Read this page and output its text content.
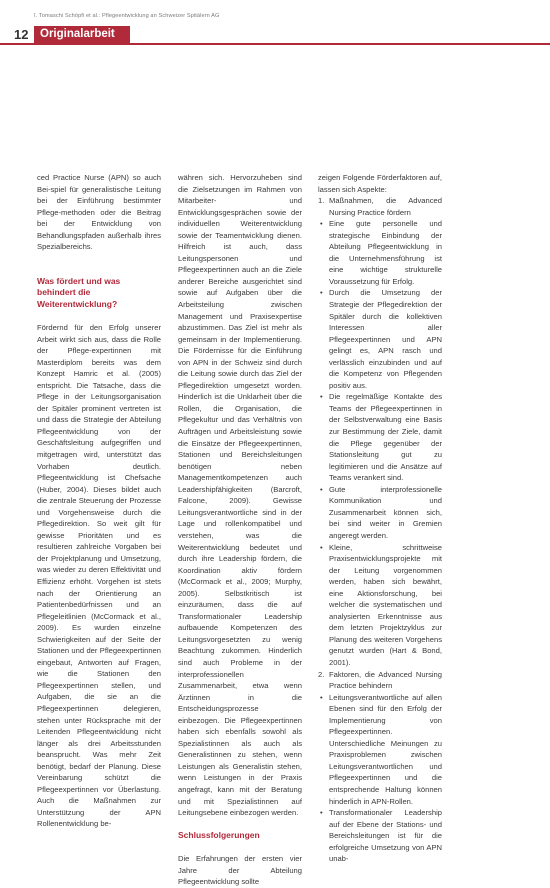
I. Tomaschi Schöpfi et al.: Pflegeentwicklung an Schweizer Spitälern AG
12	Originalarbeit

ced Practice Nurse (APN) so auch Bei-spiel für generalistische Leitung bei der Einführung bestimmter Pflege-methoden oder die Beitrag bei der Entwicklung von Behandlungspfaden außerhalb ihres Spezialbereichs.

Was fördert und was behindert die Weiterentwicklung?

Fördernd für den Erfolg unserer Arbeit wirkt sich aus, dass die Rolle der Pflege-expertinnen mit Masterdiplom bereits was dem Konzept Hamric et al. (2005) entspricht. Die Tatsache, dass die Pflege in der Leitungsorganisation der Spitäler prominent vertreten ist und dass die Strategie der Abteilung Pflegeentwicklung von der Geschäftsleitung aufgegriffen und mitgetragen wird, unterstützt das Vorhaben deutlich. Pflegeentwicklung ist Chefsache (Huber, 2004). Dieses bildet auch die zentrale Steuerung der Prozesse und Vorgehensweise durch die Pflegedirektion. So weit gilt für gewisse Prioritäten und es resultieren zahlreiche Vorgaben bei der Projektplanung und Umsetzung, was wieder zu deren Effektivität und Effizienz erhöht. Vorgehen ist stets nach der Orientierung an Patientenbedürfnissen und an Pflegeleitlinien (McCormack et al., 2009). Es wurden einzelne Schwierigkeiten auf der Seite der Stationen und der Pflegeexpertinnen eingebaut, Antworten auf Fragen, wie die Stationen den Pflegeexpertinnen stellen, und Aufgaben, die sie an die Pflegeexpertinnen delegieren, stehen unter Rücksprache mit der Leitenden Pflegeentwicklung nicht länger als drei Arbeitsstunden beansprucht. Was mehr Zeit benötigt, bedarf der Planung. Diese Vereinbarung schützt die Pflegeexpertinnen vor Überlastung. Auch die Maßnahmen zur Unterstützung der APN Rollenentwicklung be-

währen sich. Hervorzuheben sind die Zielsetzungen im Rahmen von Mitarbeiter- und Entwicklungsgesprächen sowie der individuellen Weiterentwicklung sowie der Teamentwicklung dienen. Hilfreich ist auch, dass Leitungspersonen und Pflegeexpertinnen auch an die Ziele anderer Bereiche ausgerichtet sind sowie auf Aufgaben über die Arbeitsteilung zwischen Management und Praxisexpertise abzustimmen. Das Ziel ist mehr als gemeinsam in der Implementierung. Die Fördernisse für die Einführung von APN in der Schweiz sind durch die Leitung sowie durch das Ziel der Pflegedirektion umgesetzt worden. Hinderlich ist die Unklarheit über die Rollen, die Organisation, die Pflegekultur und das Verhältnis von Aufträgen und Arbeitsleistung sowie die Einsätze der Pflegeexpertinnen, Stationen und Bereichsleitungen benötigen neben Managementkompetenzen auch Leadershipfähigkeiten (Barcroft, Falcone, 2009). Gewisse Leitungsverantwortliche sind in der Lage und rollenkompatibel und verstehen, was die Weiterentwicklung bedeutet und durch ihre Leadership fördern, die Koordination aktiv fördern (McCormack et al., 2009; Murphy, 2005). Selbstkritisch ist einzuräumen, dass die auf Transformationaler Leadership aufbauende Kompetenzen des Leitungsvorgesetzten zu wenig Beachtung zukommen. Hinderlich sind auch Probleme in der interprofessionellen Zusammenarbeit, etwa wenn Ärztinnen in die Entscheidungsprozesse einbezogen. Die Pflegeexpertinnen haben sich ebenfalls sowohl als Spezialistinnen als auch als Generalistinnen zu stehen, wenn Leistungen als Generalistin stehen, wenn Leistungen in der Praxis angefragt, kann mit der Beratung und mit Spezialistinnen auf Leitungsebene einbezogen werden.

Schlussfolgerungen

Die Erfahrungen der ersten vier Jahre der Abteilung Pflegeentwicklung sollte

zeigen Folgende Förderfaktoren auf, lassen sich Aspekte:

1. Maßnahmen, die Advanced Nursing Practice fördern
• Eine gute personelle und strategische Einbindung der Abteilung Pflegeentwicklung in die Unternehmensführung ist eine wichtige strukturelle Voraussetzung für Erfolg.
• Durch die Umsetzung der Strategie der Pflegedirektion der Spitäler durch die kollektiven Interessen aller Pflegeexpertinnen und APN gelingt es, APN rasch und verlässlich einzubinden und auf die Kompetenz von Pflegenden positiv aus.
• Die regelmäßige Kontakte des Teams der Pflegeexpertinnen in der Selbstverwaltung eine Basis zur Bestimmung der Ziele, damit die Pflege gegenüber der Stationsleitung gut zu legitimieren und die Ansätze auf Teams verankert sind.
• Gute interprofessionelle Kommunikation und Zusammenarbeit können sich, bei sind weiter in Gremien angeregt werden.
• Kleine, schrittweise Praxisentwicklungsprojekte mit der Leitung vorgenommen werden, haben sich bewährt, eine Aktionsforschung, bei welcher die systematischen und analysierten Erkenntnisse aus dem letzten Projektzyklus zur Planung des weiteren Vorgehens genutzt wurden (Hart & Bond, 2001).
2. Faktoren, die Advanced Nursing Practice behindern
• Leitungsverantwortliche auf allen Ebenen sind für den Erfolg der Implementierung von Pflegeexpertinnen. Unterschiedliche Meinungen zu Praxisproblemen zwischen Leitungsverantwortlichen und Pflegeexpertinnen und die entsprechende Haltung können hinderlich in APN-Rollen.
• Transformationaler Leadership auf der Ebene der Stations- und Bereichsleitungen ist für die erfolgreiche Umsetzung von APN unab-
